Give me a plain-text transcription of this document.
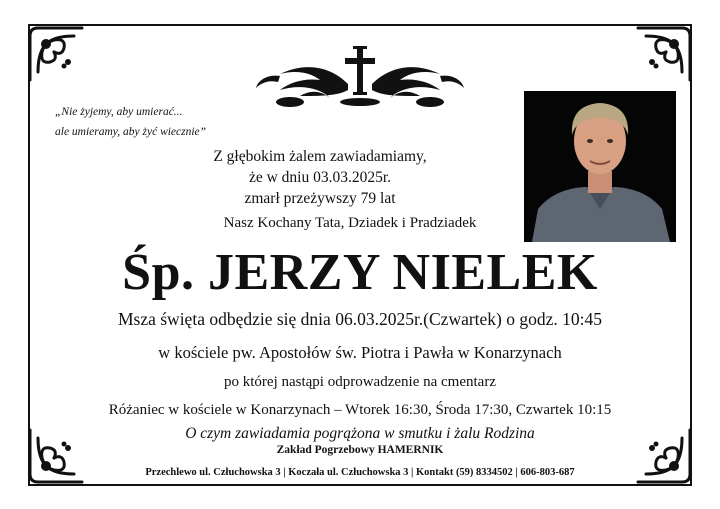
„Nie żyjemy, aby umierać...
ale umieramy, aby żyć wiecznie”
Z głębokim żalem zawiadamiamy,
że w dniu 03.03.2025r.
zmarł przeżywszy 79 lat
Nasz Kochany Tata, Dziadek i Pradziadek
Śp. JERZY NIELEK
Msza święta odbędzie się dnia 06.03.2025r.(Czwartek) o godz. 10:45
w kościele pw. Apostołów św. Piotra i Pawła w Konarzynach
po której nastąpi odprowadzenie na cmentarz
Różaniec w kościele w Konarzynach – Wtorek 16:30, Środa 17:30, Czwartek 10:15
O czym zawiadamia pogrążona w smutku i żalu Rodzina
Zakład Pogrzebowy HAMERNIK
Przechlewo ul. Człuchowska 3 | Koczała ul. Człuchowska 3 | Kontakt (59) 8334502 | 606-803-687
